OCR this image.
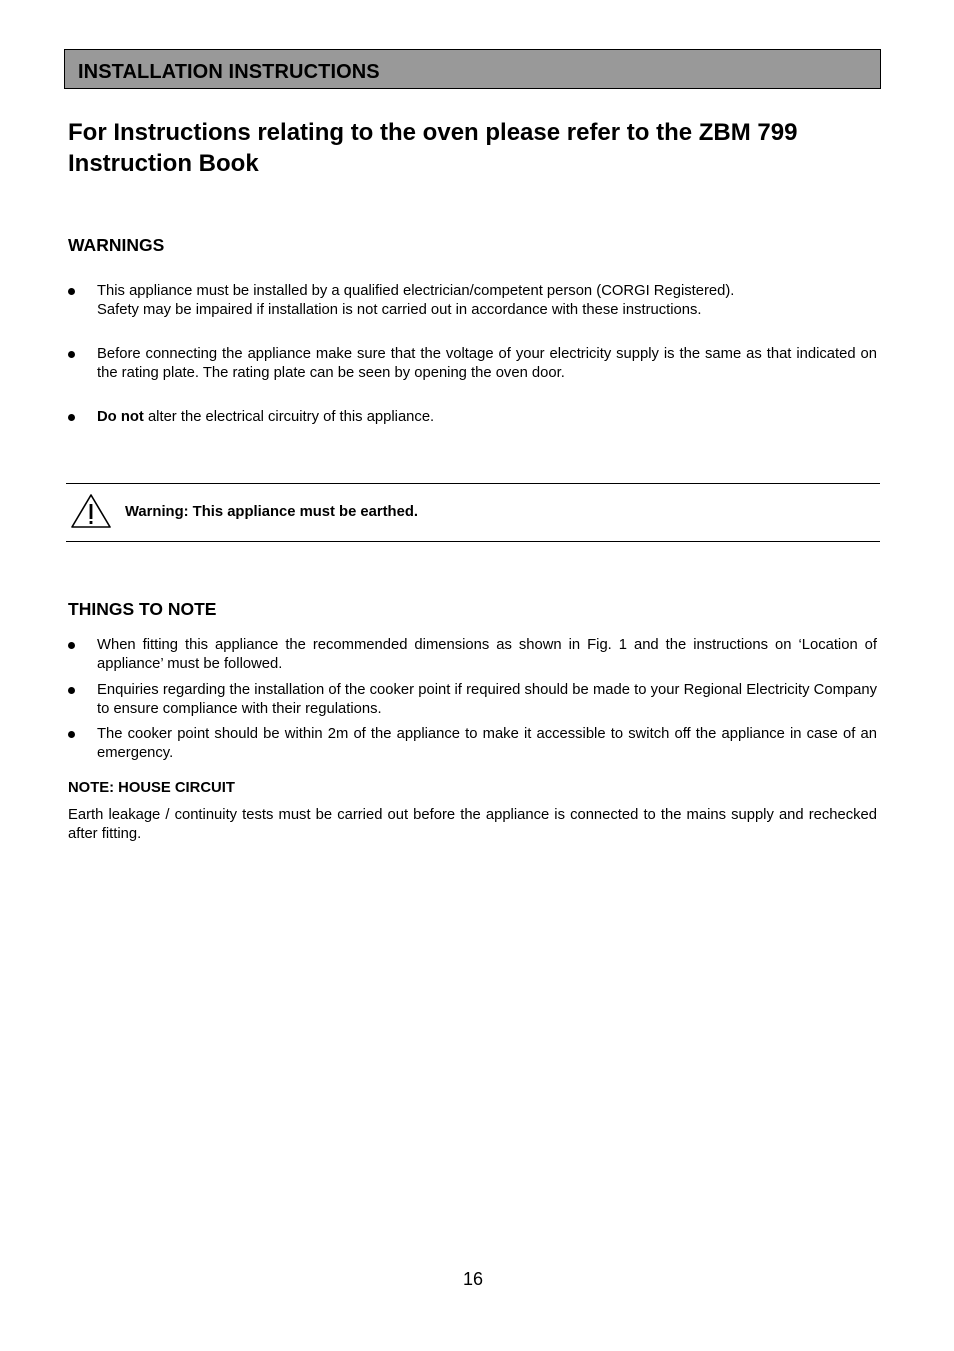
INSTALLATION INSTRUCTIONS
For Instructions relating to the oven please refer to the ZBM 799 Instruction Book
WARNINGS
This appliance must be installed by a qualified electrician/competent person (CORGI Registered).
Safety may be impaired if installation is not carried out in accordance with these instructions.
Before connecting the appliance make sure that the voltage of your electricity supply is the same as that indicated on the rating plate. The rating plate can be seen by opening the oven door.
Do not alter the electrical circuitry of this appliance.
Warning: This appliance must be earthed.
THINGS TO NOTE
When fitting this appliance the recommended dimensions as shown in Fig. 1 and the instructions on ‘Location of appliance’ must be followed.
Enquiries regarding the installation of the cooker point if required should be made to your Regional Electricity Company to ensure compliance with their regulations.
The cooker point should be within 2m of the appliance to make it accessible to switch off the appliance in case of an emergency.
NOTE: HOUSE CIRCUIT

Earth leakage / continuity tests must be carried out before the appliance is connected to the mains supply and rechecked after fitting.

16
